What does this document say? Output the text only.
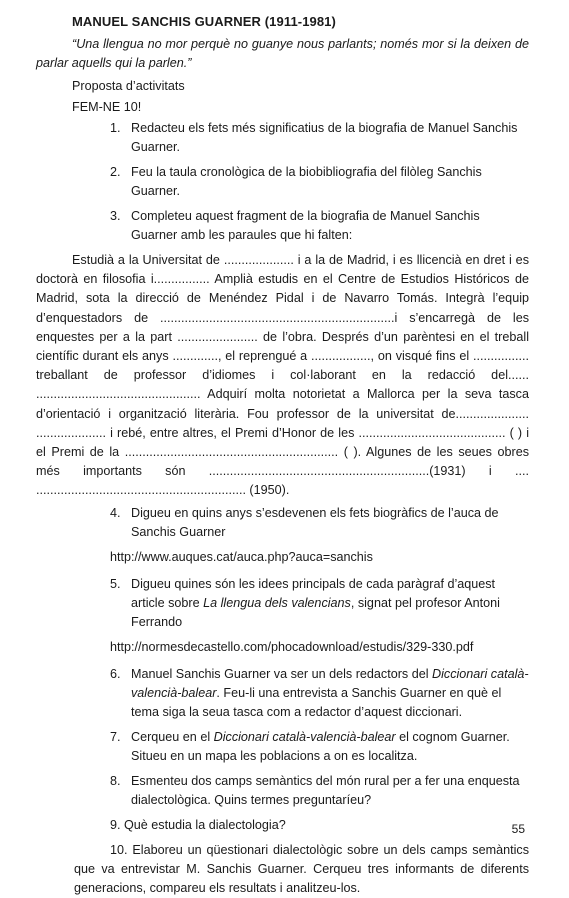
MANUEL SANCHIS GUARNER (1911-1981)
“Una llengua no mor perquè no guanye nous parlants; només mor si la deixen de parlar aquells qui la parlen.”
Proposta d’activitats
FEM-NE 10!
1. Redacteu els fets més significatius de la biografia de Manuel Sanchis Guarner.
2. Feu la taula cronològica de la biobibliografia del filòleg Sanchis Guarner.
3. Completeu aquest fragment de la biografia de Manuel Sanchis Guarner amb les paraules que hi falten:
Estudià a la Universitat de .................... i a la de Madrid, i es llicencià en dret i es doctorà en filosofia i................ Amplià estudis en el Centre de Estudios Históricos de Madrid, sota la direcció de Menéndez Pidal i de Navarro Tomás. Integrà l’equip d’enquestadors de ...................................................................i s’encarregà de les enquestes per a la part ....................... de l’obra. Després d’un parèntesi en el treball científic durant els anys ............., el reprengué a ................., on visqué fins el ................ treballant de professor d’idiomes i col·laborant en la redacció del...... ............................................... Adquirí molta notorietat a Mallorca per la seva tasca d’orientació i organització literària. Fou professor de la universitat de..................... .................... i rebé, entre altres, el Premi d’Honor de les .......................................... ( ) i el Premi de la ............................................................. ( ). Algunes de les seues obres més importants són ...............................................................(1931) i .... ............................................................ (1950).
4. Digueu en quins anys s’esdevenen els fets biogràfics de l’auca de Sanchis Guarner
http://www.auques.cat/auca.php?auca=sanchis
5. Digueu quines són les idees principals de cada paràgraf d’aquest article sobre La llengua dels valencians, signat pel profesor Antoni Ferrando
http://normesdecastello.com/phocadownload/estudis/329-330.pdf
6. Manuel Sanchis Guarner va ser un dels redactors del Diccionari català-valencià-balear. Feu-li una entrevista a Sanchis Guarner en què el tema siga la seua tasca com a redactor d’aquest diccionari.
7. Cerqueu en el Diccionari català-valencià-balear el cognom Guarner. Situeu en un mapa les poblacions a on es localitza.
8. Esmenteu dos camps semàntics del món rural per a fer una enquesta dialectològica. Quins termes preguntaríeu?
9. Què estudia la dialectologia?
10. Elaboreu un qüestionari dialectològic sobre un dels camps semàntics que va entrevistar M. Sanchis Guarner. Cerqueu tres informants de diferents generacions, compareu els resultats i analitzeu-los.
55
